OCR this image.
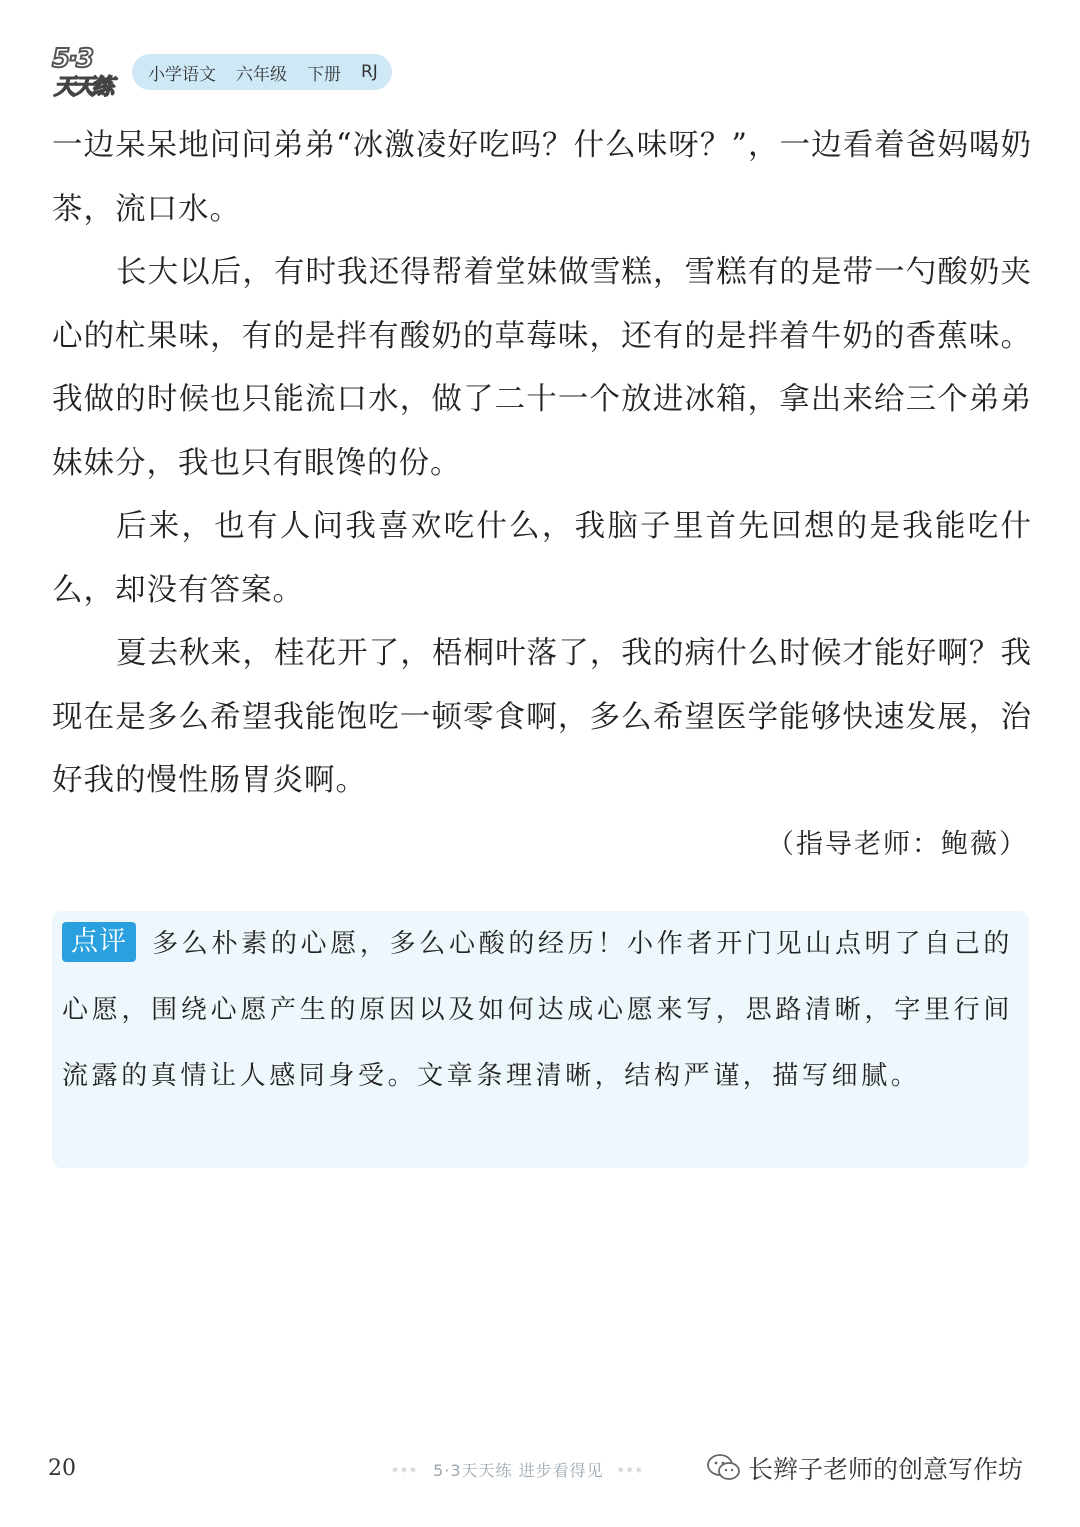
5·3
天天练
小学语文 六年级 下册 RJ

一边呆呆地问问弟弟“冰激凌好吃吗？什么味呀？”，一边看着爸妈喝奶茶，流口水。

长大以后，有时我还得帮着堂妹做雪糕，雪糕有的是带一勺酸奶夹心的杧果味，有的是拌有酸奶的草莓味，还有的是拌着牛奶的香蕉味。我做的时候也只能流口水，做了二十一个放进冰箱，拿出来给三个弟弟妹妹分，我也只有眼馋的份。

后来，也有人问我喜欢吃什么，我脑子里首先回想的是我能吃什么，却没有答案。

夏去秋来，桂花开了，梧桐叶落了，我的病什么时候才能好啊？我现在是多么希望我能饱吃一顿零食啊，多么希望医学能够快速发展，治好我的慢性肠胃炎啊。

（指导老师：鲍薇）

点评 多么朴素的心愿，多么心酸的经历！小作者开门见山点明了自己的心愿，围绕心愿产生的原因以及如何达成心愿来写，思路清晰，字里行间流露的真情让人感同身受。文章条理清晰，结构严谨，描写细腻。

20	*** 5·3天天练 进步看得见 ***	长辫子老师的创意写作坊
